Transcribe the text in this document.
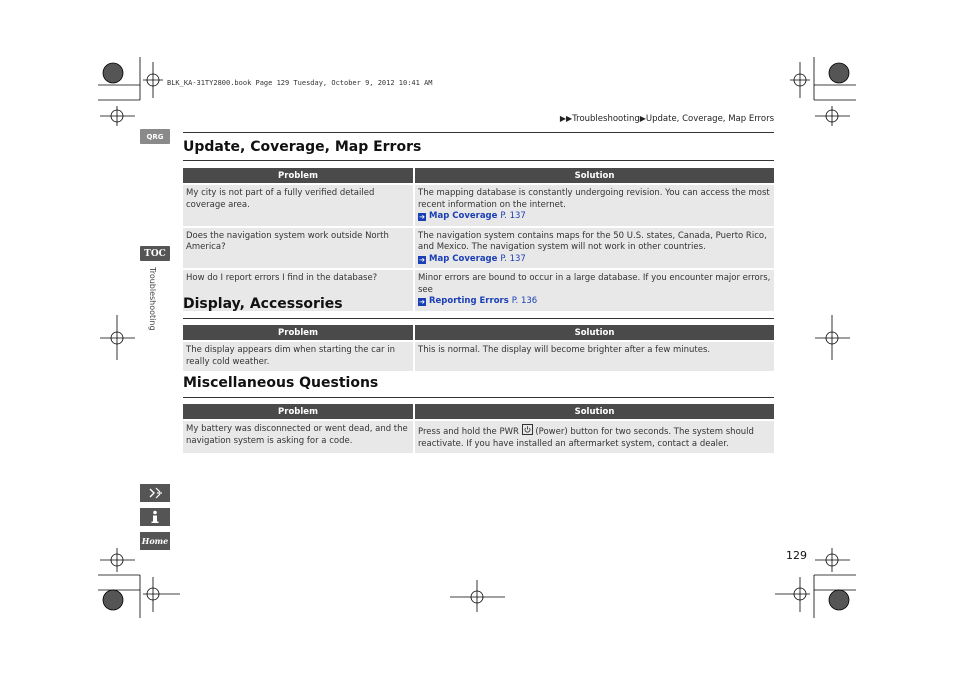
BLK_KA-31TY2800.book Page 129 Tuesday, October 9, 2012 10:41 AM
▶▶Troubleshooting▶Update, Coverage, Map Errors
QRG
TOC
Troubleshooting
Home
Update, Coverage, Map Errors
Problem	Solution
My city is not part of a fully verified detailed coverage area.	The mapping database is constantly undergoing revision. You can access the most recent information on the internet.
➔ Map Coverage P. 137
Does the navigation system work outside North America?	The navigation system contains maps for the 50 U.S. states, Canada, Puerto Rico, and Mexico. The navigation system will not work in other countries.
➔ Map Coverage P. 137
How do I report errors I find in the database?	Minor errors are bound to occur in a large database. If you encounter major errors, see
➔ Reporting Errors P. 136
Display, Accessories
Problem	Solution
The display appears dim when starting the car in really cold weather.	This is normal. The display will become brighter after a few minutes.
Miscellaneous Questions
Problem	Solution
My battery was disconnected or went dead, and the navigation system is asking for a code.	Press and hold the PWR (Power) button for two seconds. The system should reactivate. If you have installed an aftermarket system, contact a dealer.
129
